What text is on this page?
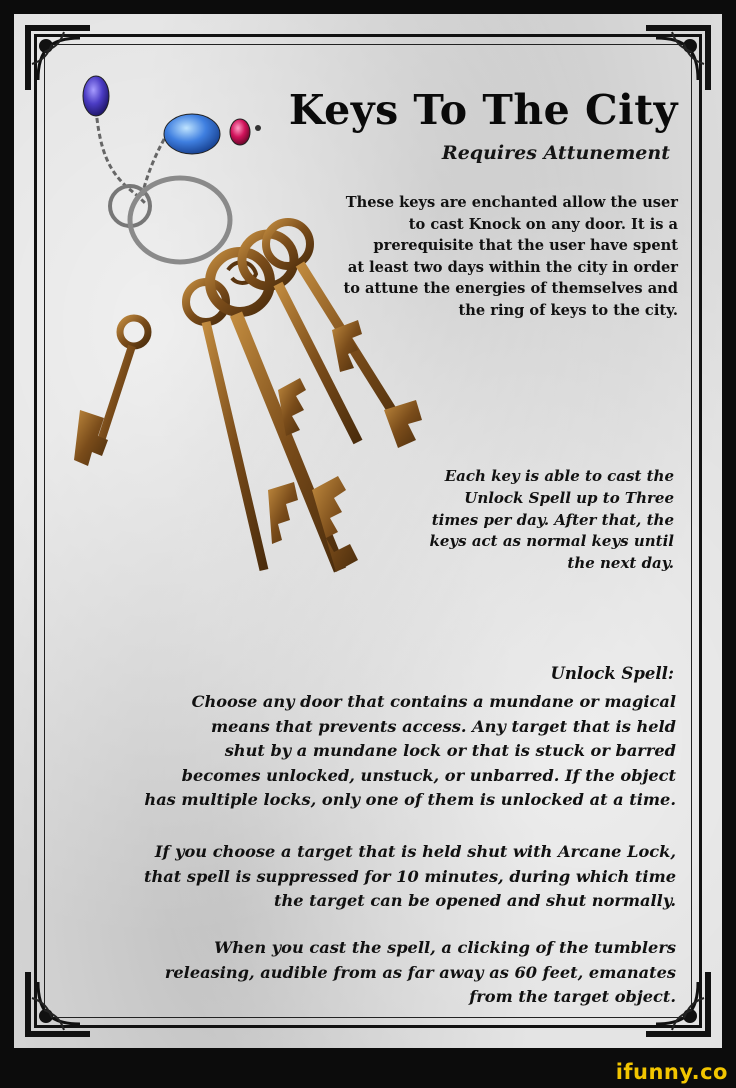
Keys To The City
Requires Attunement
These keys are enchanted allow the user
to cast Knock on any door. It is a
prerequisite that the user have spent
at least two days within the city in order
to attune the energies of themselves and
the ring of keys to the city.
Each key is able to cast the
Unlock Spell up to Three
times per day. After that, the
keys act as normal keys until
the next day.
Unlock Spell:
Choose any door that contains a mundane or magical
means that prevents access. Any target that is held
shut by a mundane lock or that is stuck or barred
becomes unlocked, unstuck, or unbarred. If the object
has multiple locks, only one of them is unlocked at a time.
If you choose a target that is held shut with Arcane Lock,
that spell is suppressed for 10 minutes, during which time
the target can be opened and shut normally.
When you cast the spell, a clicking of the tumblers
releasing, audible from as far away as 60 feet, emanates
from the target object.
ifunny.co
